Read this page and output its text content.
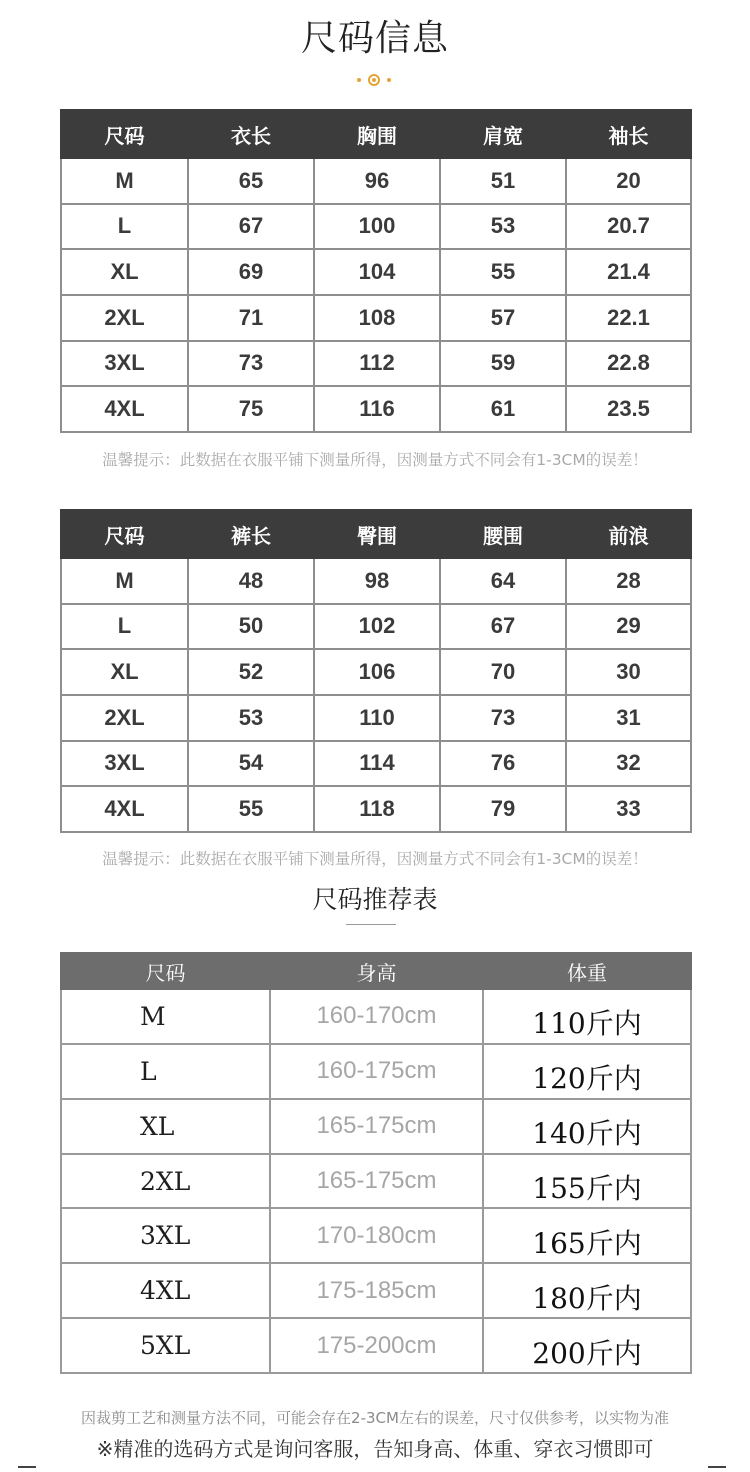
尺码信息
尺码	衣长	胸围	肩宽	袖长
M	65	96	51	20
L	67	100	53	20.7
XL	69	104	55	21.4
2XL	71	108	57	22.1
3XL	73	112	59	22.8
4XL	75	116	61	23.5
温馨提示：此数据在衣服平铺下测量所得，因测量方式不同会有1-3CM的误差！
尺码	裤长	臀围	腰围	前浪
M	48	98	64	28
L	50	102	67	29
XL	52	106	70	30
2XL	53	110	73	31
3XL	54	114	76	32
4XL	55	118	79	33
温馨提示：此数据在衣服平铺下测量所得，因测量方式不同会有1-3CM的误差！
尺码推荐表
尺码	身高	体重
M	160-170cm	110斤内
L	160-175cm	120斤内
XL	165-175cm	140斤内
2XL	165-175cm	155斤内
3XL	170-180cm	165斤内
4XL	175-185cm	180斤内
5XL	175-200cm	200斤内
因裁剪工艺和测量方法不同，可能会存在2-3CM左右的误差，尺寸仅供参考，以实物为准
※精准的选码方式是询问客服，告知身高、体重、穿衣习惯即可
